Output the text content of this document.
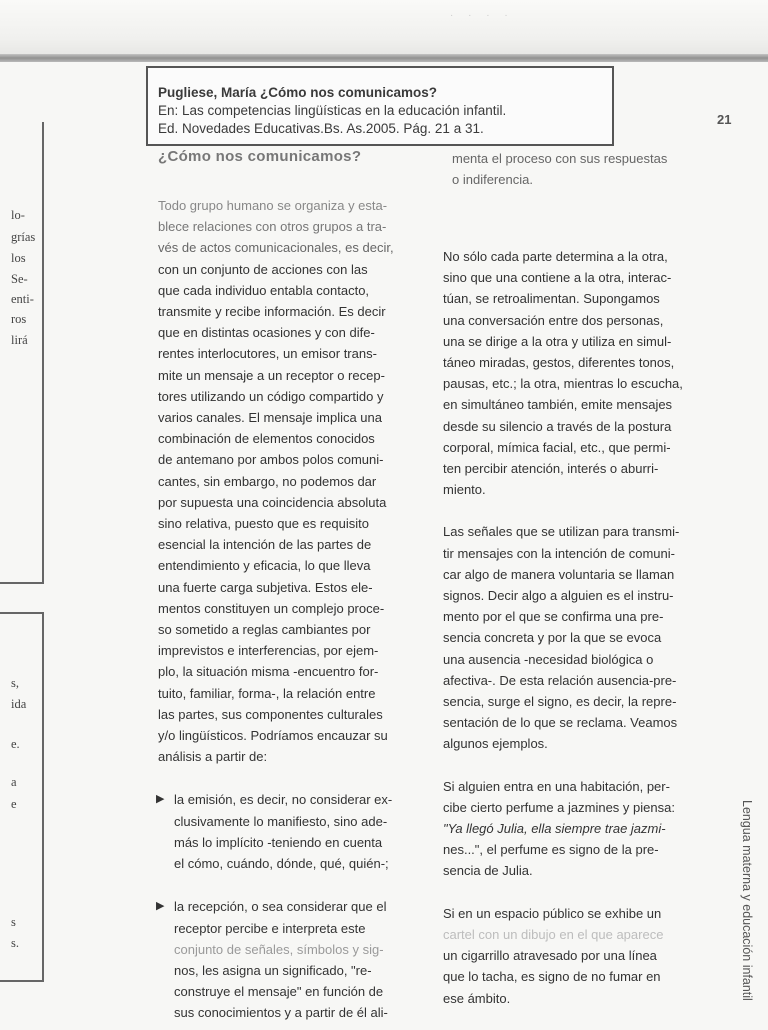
· · · ·

Pugliese, María ¿Cómo nos comunicamos?

En: Las competencias lingüísticas en la educación infantil.

Ed. Novedades Educativas.Bs. As.2005. Pág. 21 a 31.

21
lo-
grías
los
Se-
enti-
ros
lirá
s,
ida
e.
a
e
s
s.
¿Cómo nos comunicamos?	menta el proceso con sus respuestas

o indiferencia.

Todo grupo humano se organiza y esta-

blece relaciones con otros grupos a tra-

vés de actos comunicacionales, es decir,

con un conjunto de acciones con las

que cada individuo entabla contacto,

transmite y recibe información. Es decir

que en distintas ocasiones y con dife-

rentes interlocutores, un emisor trans-

mite un mensaje a un receptor o recep-

tores utilizando un código compartido y

varios canales. El mensaje implica una

combinación de elementos conocidos

de antemano por ambos polos comuni-

cantes, sin embargo, no podemos dar

por supuesta una coincidencia absoluta

sino relativa, puesto que es requisito

esencial la intención de las partes de

entendimiento y eficacia, lo que lleva

una fuerte carga subjetiva. Estos ele-

mentos constituyen un complejo proce-

so sometido a reglas cambiantes por

imprevistos e interferencias, por ejem-

plo, la situación misma -encuentro for-

tuito, familiar, forma-, la relación entre

las partes, sus componentes culturales

y/o lingüísticos. Podríamos encauzar su

análisis a partir de:

▶ la emisión, es decir, no considerar ex-

clusivamente lo manifiesto, sino ade-

más lo implícito -teniendo en cuenta

el cómo, cuándo, dónde, qué, quién-;

▶ la recepción, o sea considerar que el

receptor percibe e interpreta este

conjunto de señales, símbolos y sig-

nos, les asigna un significado, "re-

construye el mensaje" en función de

sus conocimientos y a partir de él ali-

No sólo cada parte determina a la otra,

sino que una contiene a la otra, interac-

túan, se retroalimentan. Supongamos

una conversación entre dos personas,

una se dirige a la otra y utiliza en simul-

táneo miradas, gestos, diferentes tonos,

pausas, etc.; la otra, mientras lo escucha,

en simultáneo también, emite mensajes

desde su silencio a través de la postura

corporal, mímica facial, etc., que permi-

ten percibir atención, interés o aburri-

miento.

Las señales que se utilizan para transmi-

tir mensajes con la intención de comuni-

car algo de manera voluntaria se llaman

signos. Decir algo a alguien es el instru-

mento por el que se confirma una pre-

sencia concreta y por la que se evoca

una ausencia -necesidad biológica o

afectiva-. De esta relación ausencia-pre-

sencia, surge el signo, es decir, la repre-

sentación de lo que se reclama. Veamos

algunos ejemplos.

Si alguien entra en una habitación, per-

cibe cierto perfume a jazmines y piensa:

"Ya llegó Julia, ella siempre trae jazmi-

nes...", el perfume es signo de la pre-

sencia de Julia.

Si en un espacio público se exhibe un

cartel con un dibujo en el que aparece

un cigarrillo atravesado por una línea

que lo tacha, es signo de no fumar en

ese ámbito.	Lengua materna y educación infantil
